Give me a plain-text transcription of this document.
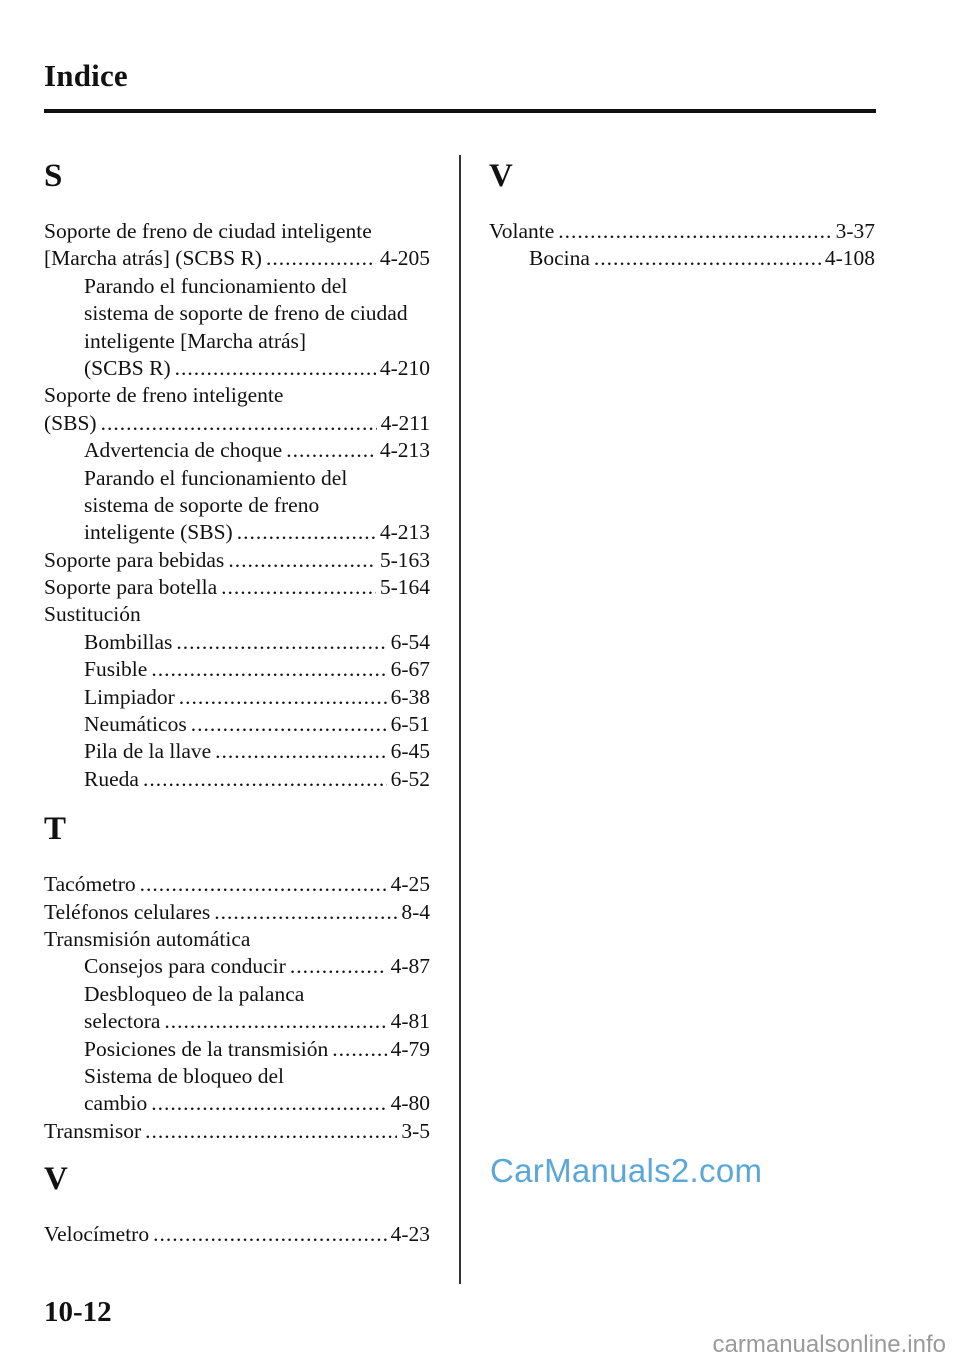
Indice
S
Soporte de freno de ciudad inteligente
[Marcha atrás] (SCBS R) .....	4-205
Parando el funcionamiento del
sistema de soporte de freno de ciudad
inteligente [Marcha atrás]
(SCBS R) .....	4-210
Soporte de freno inteligente
(SBS) .....	4-211
Advertencia de choque .....	4-213
Parando el funcionamiento del
sistema de soporte de freno
inteligente (SBS) .....	4-213
Soporte para bebidas .....	5-163
Soporte para botella .....	5-164
Sustitución
Bombillas .....	6-54
Fusible .....	6-67
Limpiador .....	6-38
Neumáticos .....	6-51
Pila de la llave .....	6-45
Rueda .....	6-52
T
Tacómetro .....	4-25
Teléfonos celulares .....	8-4
Transmisión automática
Consejos para conducir .....	4-87
Desbloqueo de la palanca
selectora .....	4-81
Posiciones de la transmisión .....	4-79
Sistema de bloqueo del
cambio .....	4-80
Transmisor .....	3-5
V
Velocímetro .....	4-23
V
Volante .....	3-37
Bocina .....	4-108
CarManuals2.com
10-12
carmanualsonline.info
